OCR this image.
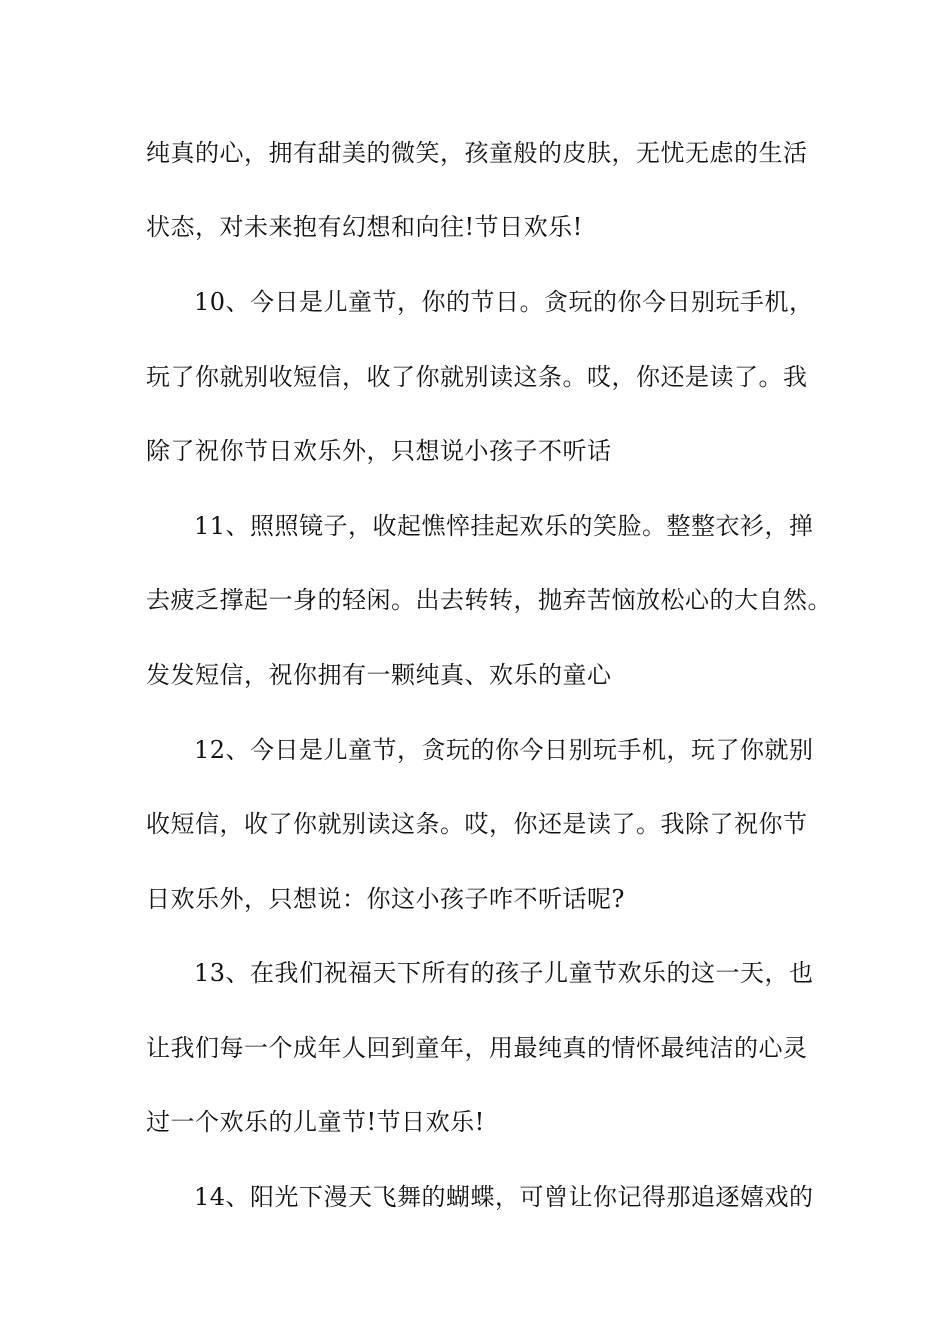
纯真的心，拥有甜美的微笑，孩童般的皮肤，无忧无虑的生活
状态，对未来抱有幻想和向往!节日欢乐!
10、今日是儿童节，你的节日。贪玩的你今日别玩手机，
玩了你就别收短信，收了你就别读这条。哎，你还是读了。我
除了祝你节日欢乐外，只想说小孩子不听话
11、照照镜子，收起憔悴挂起欢乐的笑脸。整整衣衫，掸
去疲乏撑起一身的轻闲。出去转转，抛弃苦恼放松心的大自然。
发发短信，祝你拥有一颗纯真、欢乐的童心
12、今日是儿童节，贪玩的你今日别玩手机，玩了你就别
收短信，收了你就别读这条。哎，你还是读了。我除了祝你节
日欢乐外，只想说：你这小孩子咋不听话呢?
13、在我们祝福天下所有的孩子儿童节欢乐的这一天，也
让我们每一个成年人回到童年，用最纯真的情怀最纯洁的心灵
过一个欢乐的儿童节!节日欢乐!
14、阳光下漫天飞舞的蝴蝶，可曾让你记得那追逐嬉戏的
